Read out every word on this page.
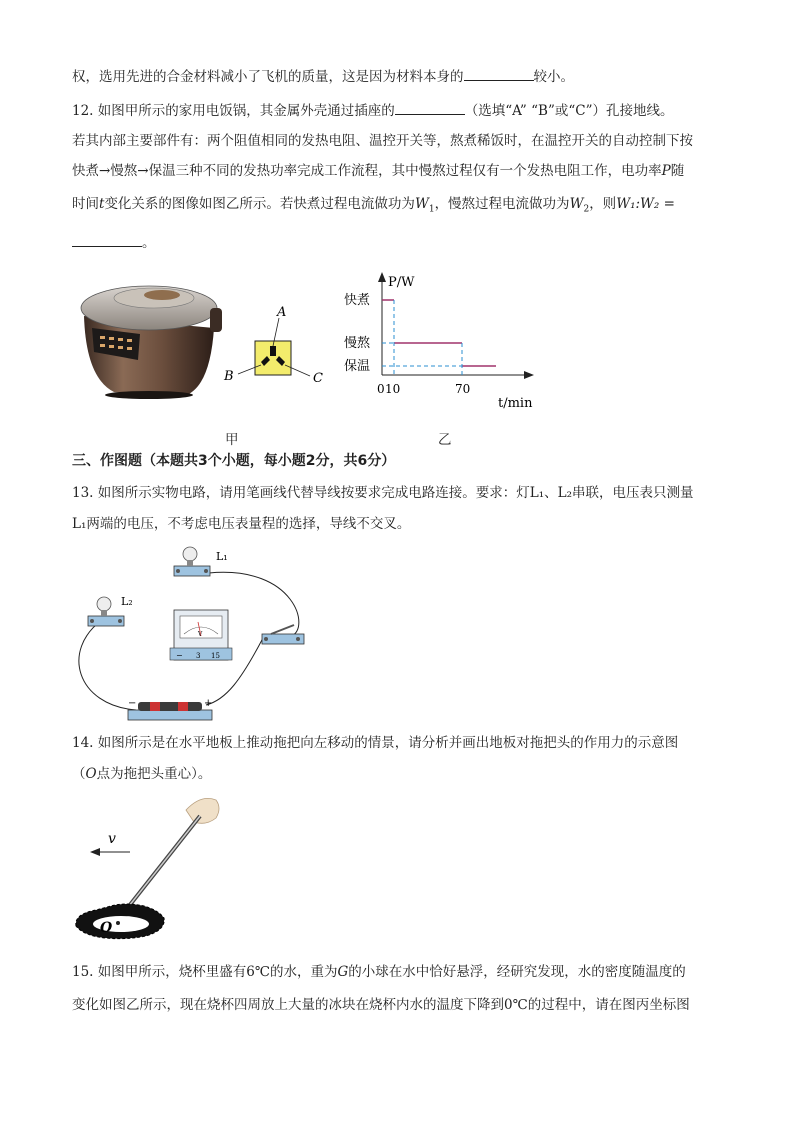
权，选用先进的合金材料减小了飞机的质量，这是因为材料本身的	较小。
12. 如图甲所示的家用电饭锅，其金属外壳通过插座的	（选填“A” “B”或“C”）孔接地线。
若其内部主要部件有：两个阻值相同的发热电阻、温控开关等，熬煮稀饭时，在温控开关的自动控制下按
快煮→慢熬→保温三种不同的发热功率完成工作流程，其中慢熬过程仅有一个发热电阻工作，电功率P随
时间t变化关系的图像如图乙所示。若快煮过程电流做功为$W_1$，慢熬过程电流做功为$W_2$，则W₁:W₂ =
。
A
B	C
P/W
t/min
快煮
慢熬
保温
0 10	70
甲	乙
三、作图题（本题共3个小题，每小题2分，共6分）
13. 如图所示实物电路，请用笔画线代替导线按要求完成电路连接。要求：灯L₁、L₂串联，电压表只测量
L₁两端的电压，不考虑电压表量程的选择，导线不交叉。
L₁
L₂
V
− 3 15
−	+
14. 如图所示是在水平地板上推动拖把向左移动的情景，请分析并画出地板对拖把头的作用力的示意图
（O点为拖把头重心）。
v
O
15. 如图甲所示，烧杯里盛有6℃的水，重为G的小球在水中恰好悬浮，经研究发现，水的密度随温度的
变化如图乙所示，现在烧杯四周放上大量的冰块在烧杯内水的温度下降到0℃的过程中，请在图丙坐标图
